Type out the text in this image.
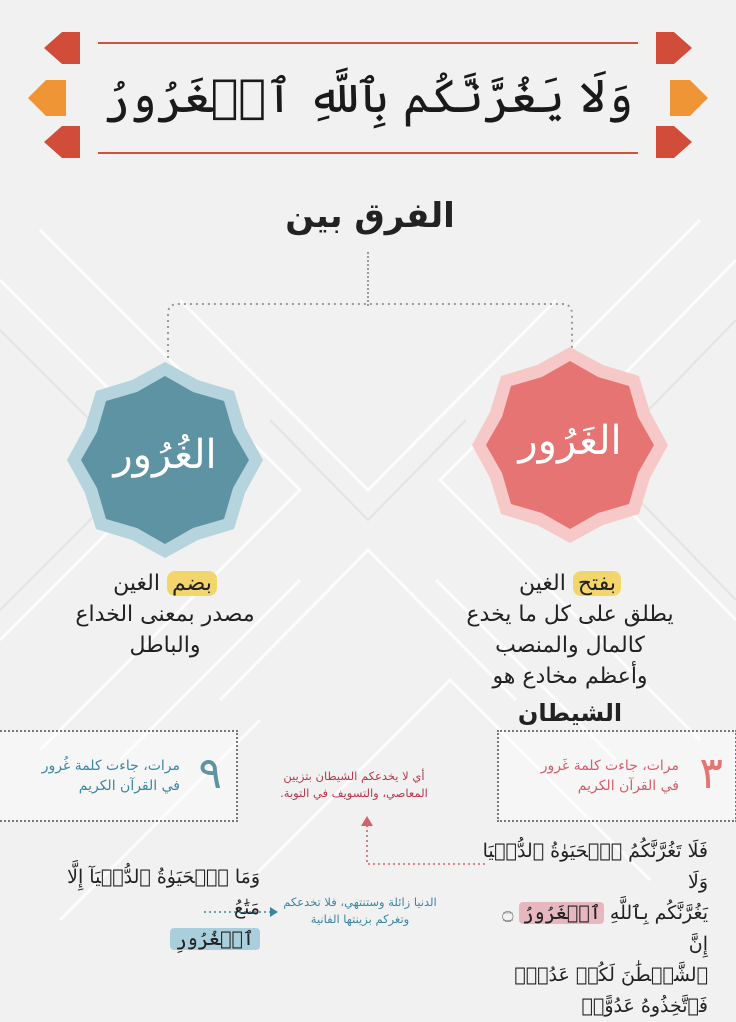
وَلَا يَغُرَّنَّكُم بِٱللَّهِ ٱلۡغَرُورُ
الفرق بين
الغَرُور
الغُرُور
بفتح الغين
يطلق على كل ما يخدع
كالمال والمنصب
وأعظم مخادع هو
الشيطان
بضم الغين
مصدر بمعنى الخداع
والباطل
٣
مرات، جاءت كلمة غَرور
في القرآن الكريم
٩
مرات، جاءت كلمة غُرور
في القرآن الكريم
أي لا يخدعكم الشيطان بتزيين المعاصي، والتسويف في التوبة.
فَلَا تَغُرَّنَّكُمُ ٱلۡحَيَوٰةُ ٱلدُّنۡيَا وَلَا
يَغُرَّنَّكُم بِٱللَّهِ ٱلۡغَرُورُ ۝ إِنَّ
ٱلشَّيۡطَٰنَ لَكُمۡ عَدُوّٞ فَٱتَّخِذُوهُ عَدُوًّاۚ
وَمَا ٱلۡحَيَوٰةُ ٱلدُّنۡيَآ إِلَّا مَتَٰعُ
ٱلۡغُرُورِ
الدنيا زائلة وستنتهي، فلا تخدعكم وتغركم بزينتها الفانية
